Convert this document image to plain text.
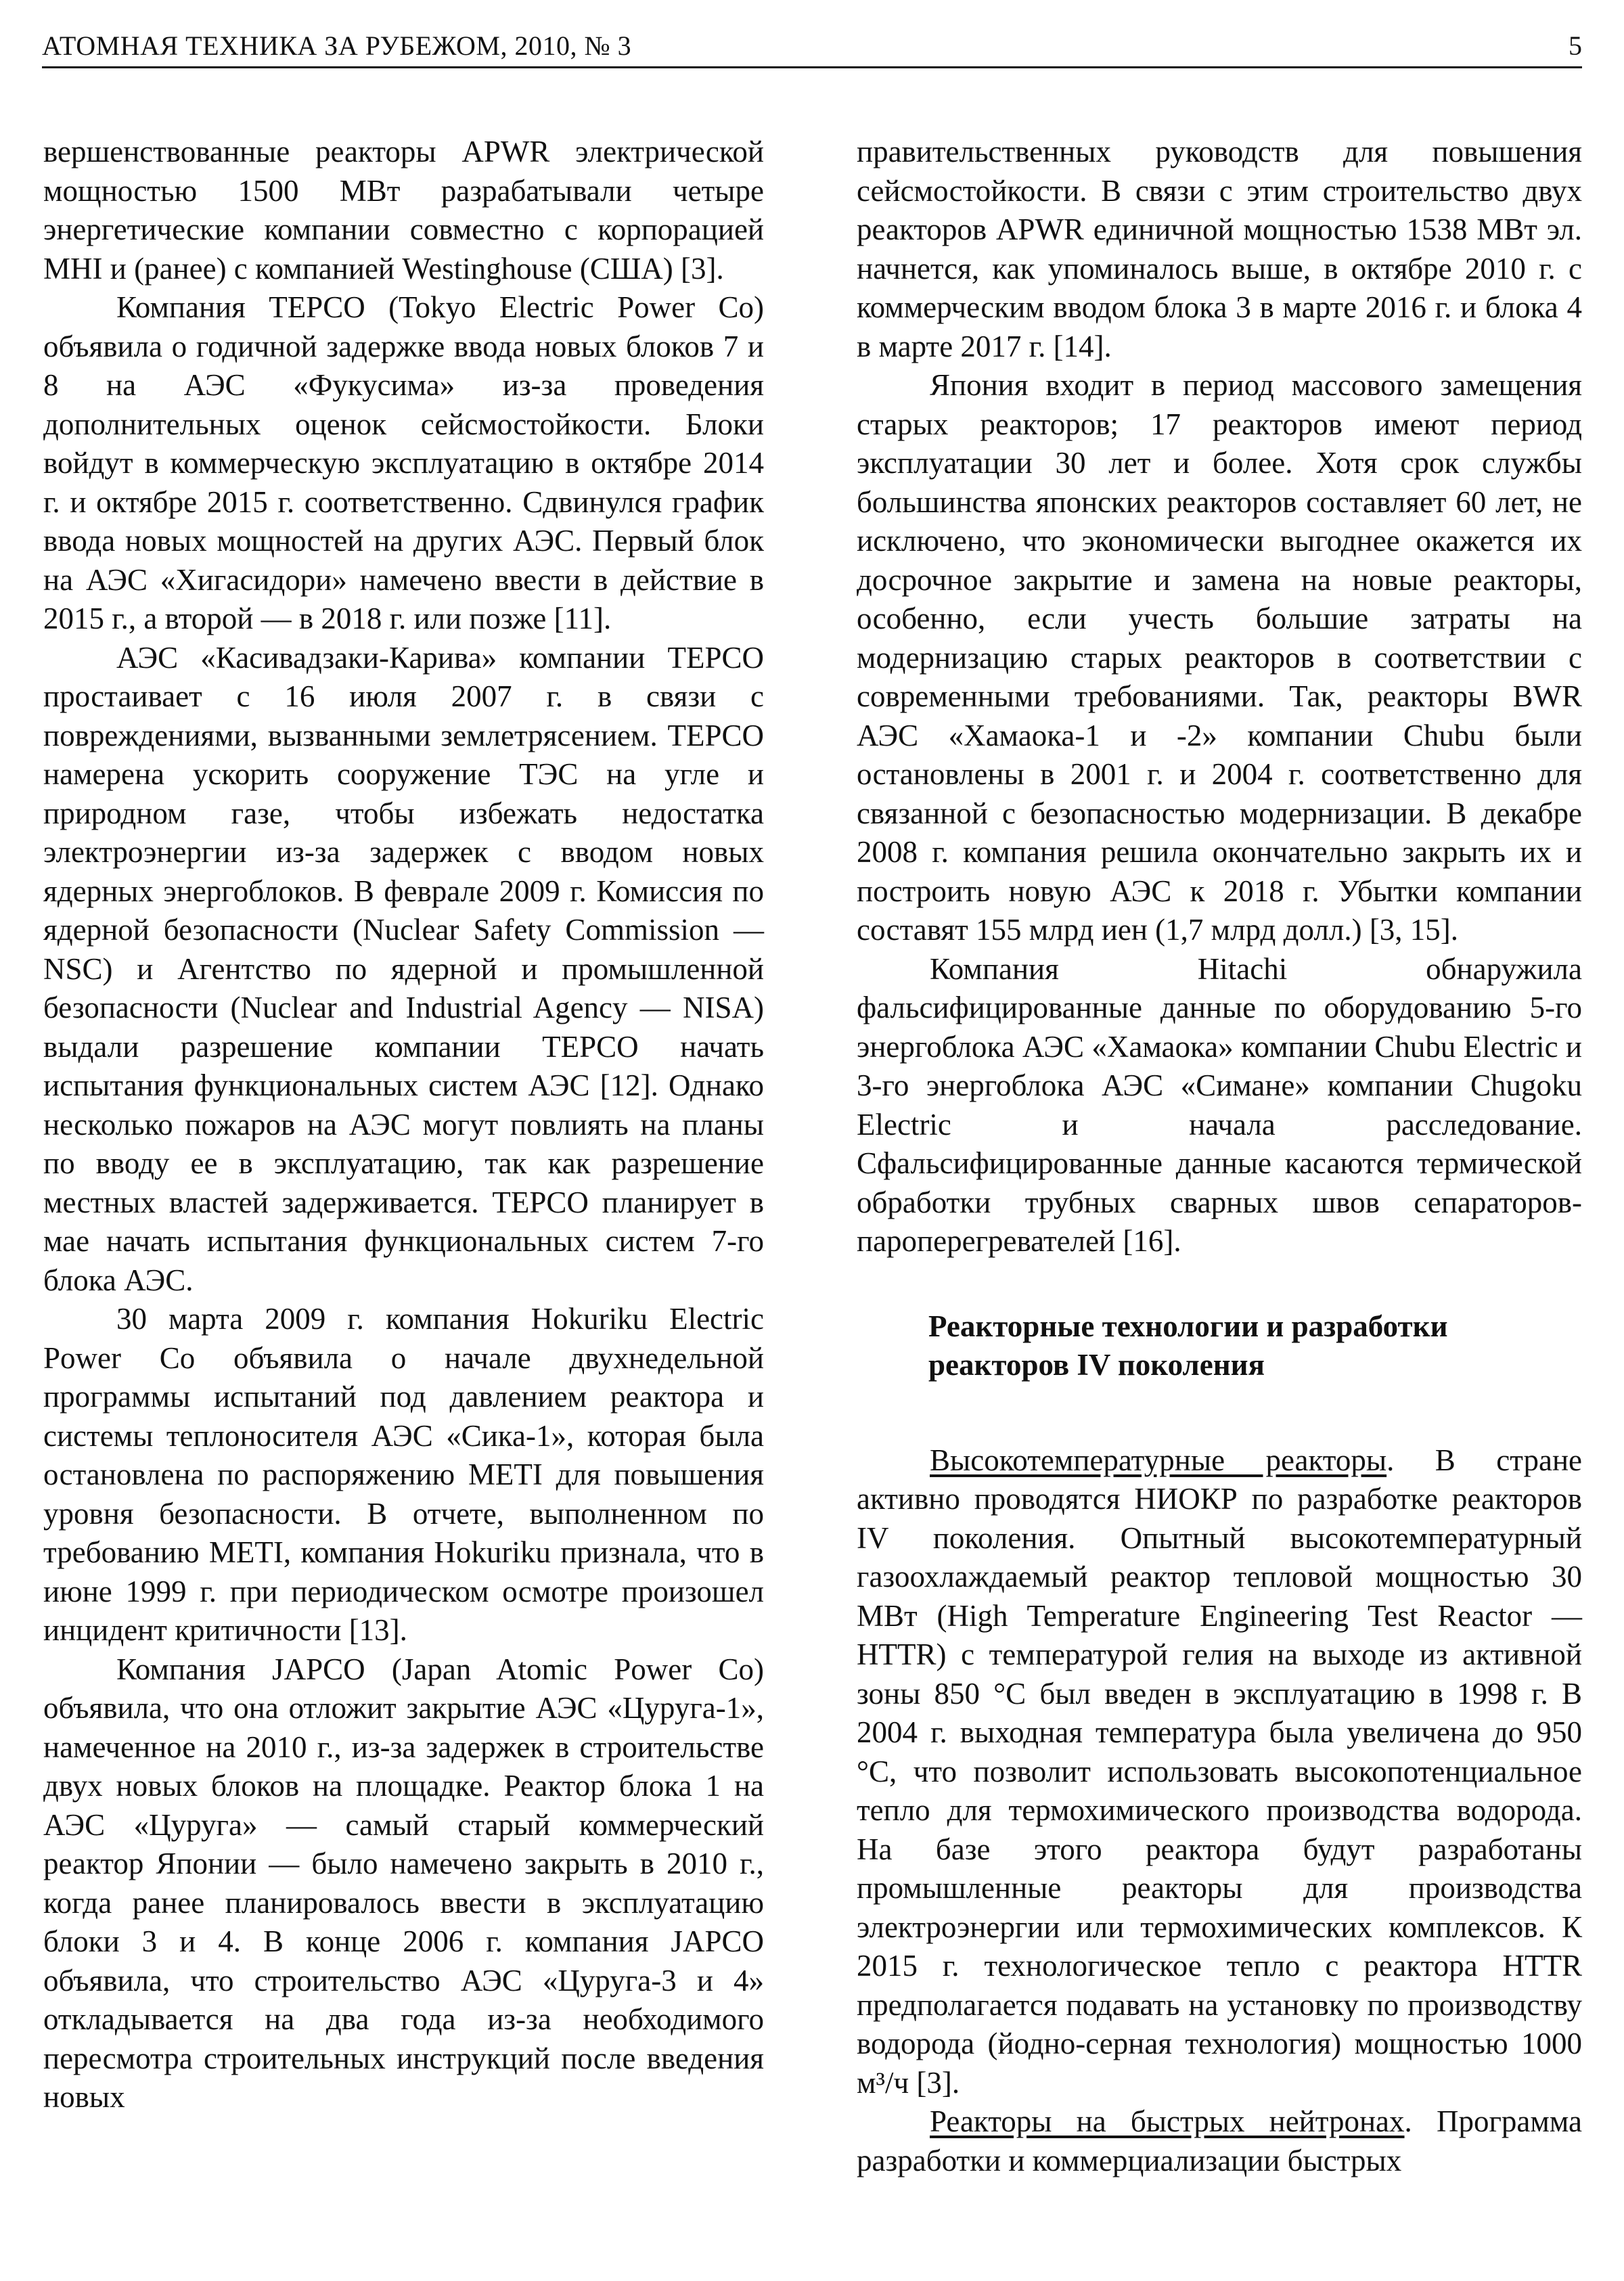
АТОМНАЯ ТЕХНИКА ЗА РУБЕЖОМ, 2010, № 3	5

вершенствованные реакторы APWR электрической мощностью 1500 МВт разрабатывали четыре энергетические компании совместно с корпорацией MHI и (ранее) с компанией Westinghouse (США) [3].

Компания TEPCO (Tokyo Electric Power Co) объявила о годичной задержке ввода новых блоков 7 и 8 на АЭС «Фукусима» из-за проведения дополнительных оценок сейсмостойкости. Блоки войдут в коммерческую эксплуатацию в октябре 2014 г. и октябре 2015 г. соответственно. Сдвинулся график ввода новых мощностей на других АЭС. Первый блок на АЭС «Хигасидори» намечено ввести в действие в 2015 г., а второй — в 2018 г. или позже [11].

АЭС «Касивадзаки-Карива» компании TEPCO простаивает с 16 июля 2007 г. в связи с повреждениями, вызванными землетрясением. TEPCO намерена ускорить сооружение ТЭС на угле и природном газе, чтобы избежать недостатка электроэнергии из-за задержек с вводом новых ядерных энергоблоков. В феврале 2009 г. Комиссия по ядерной безопасности (Nuclear Safety Commission — NSC) и Агентство по ядерной и промышленной безопасности (Nuclear and Industrial Agency — NISA) выдали разрешение компании TEPCO начать испытания функциональных систем АЭС [12]. Однако несколько пожаров на АЭС могут повлиять на планы по вводу ее в эксплуатацию, так как разрешение местных властей задерживается. TEPCO планирует в мае начать испытания функциональных систем 7-го блока АЭС.

30 марта 2009 г. компания Hokuriku Electric Power Co объявила о начале двухнедельной программы испытаний под давлением реактора и системы теплоносителя АЭС «Сика-1», которая была остановлена по распоряжению METI для повышения уровня безопасности. В отчете, выполненном по требованию METI, компания Hokuriku признала, что в июне 1999 г. при периодическом осмотре произошел инцидент критичности [13].

Компания JAPCO (Japan Atomic Power Co) объявила, что она отложит закрытие АЭС «Цуруга-1», намеченное на 2010 г., из-за задержек в строительстве двух новых блоков на площадке. Реактор блока 1 на АЭС «Цуруга» — самый старый коммерческий реактор Японии — было намечено закрыть в 2010 г., когда ранее планировалось ввести в эксплуатацию блоки 3 и 4. В конце 2006 г. компания JAPCO объявила, что строительство АЭС «Цуруга-3 и 4» откладывается на два года из-за необходимого пересмотра строительных инструкций после введения новых

правительственных руководств для повышения сейсмостойкости. В связи с этим строительство двух реакторов APWR единичной мощностью 1538 МВт эл. начнется, как упоминалось выше, в октябре 2010 г. с коммерческим вводом блока 3 в марте 2016 г. и блока 4 в марте 2017 г. [14].

Япония входит в период массового замещения старых реакторов; 17 реакторов имеют период эксплуатации 30 лет и более. Хотя срок службы большинства японских реакторов составляет 60 лет, не исключено, что экономически выгоднее окажется их досрочное закрытие и замена на новые реакторы, особенно, если учесть большие затраты на модернизацию старых реакторов в соответствии с современными требованиями. Так, реакторы BWR АЭС «Хамаока-1 и -2» компании Chubu были остановлены в 2001 г. и 2004 г. соответственно для связанной с безопасностью модернизации. В декабре 2008 г. компания решила окончательно закрыть их и построить новую АЭС к 2018 г. Убытки компании составят 155 млрд иен (1,7 млрд долл.) [3, 15].

Компания Hitachi обнаружила фальсифицированные данные по оборудованию 5-го энергоблока АЭС «Хамаока» компании Chubu Electric и 3-го энергоблока АЭС «Симане» компании Chugoku Electric и начала расследование. Сфальсифицированные данные касаются термической обработки трубных сварных швов сепараторов-пароперегревателей [16].

Реакторные технологии и разработки
реакторов IV поколения

Высокотемпературные реакторы. В стране активно проводятся НИОКР по разработке реакторов IV поколения. Опытный высокотемпературный газоохлаждаемый реактор тепловой мощностью 30 МВт (High Temperature Engineering Test Reactor — HTTR) с температурой гелия на выходе из активной зоны 850 °С был введен в эксплуатацию в 1998 г. В 2004 г. выходная температура была увеличена до 950 °С, что позволит использовать высокопотенциальное тепло для термохимического производства водорода. На базе этого реактора будут разработаны промышленные реакторы для производства электроэнергии или термохимических комплексов. К 2015 г. технологическое тепло с реактора HTTR предполагается подавать на установку по производству водорода (йодно-серная технология) мощностью 1000 м³/ч [3].

Реакторы на быстрых нейтронах. Программа разработки и коммерциализации быстрых
